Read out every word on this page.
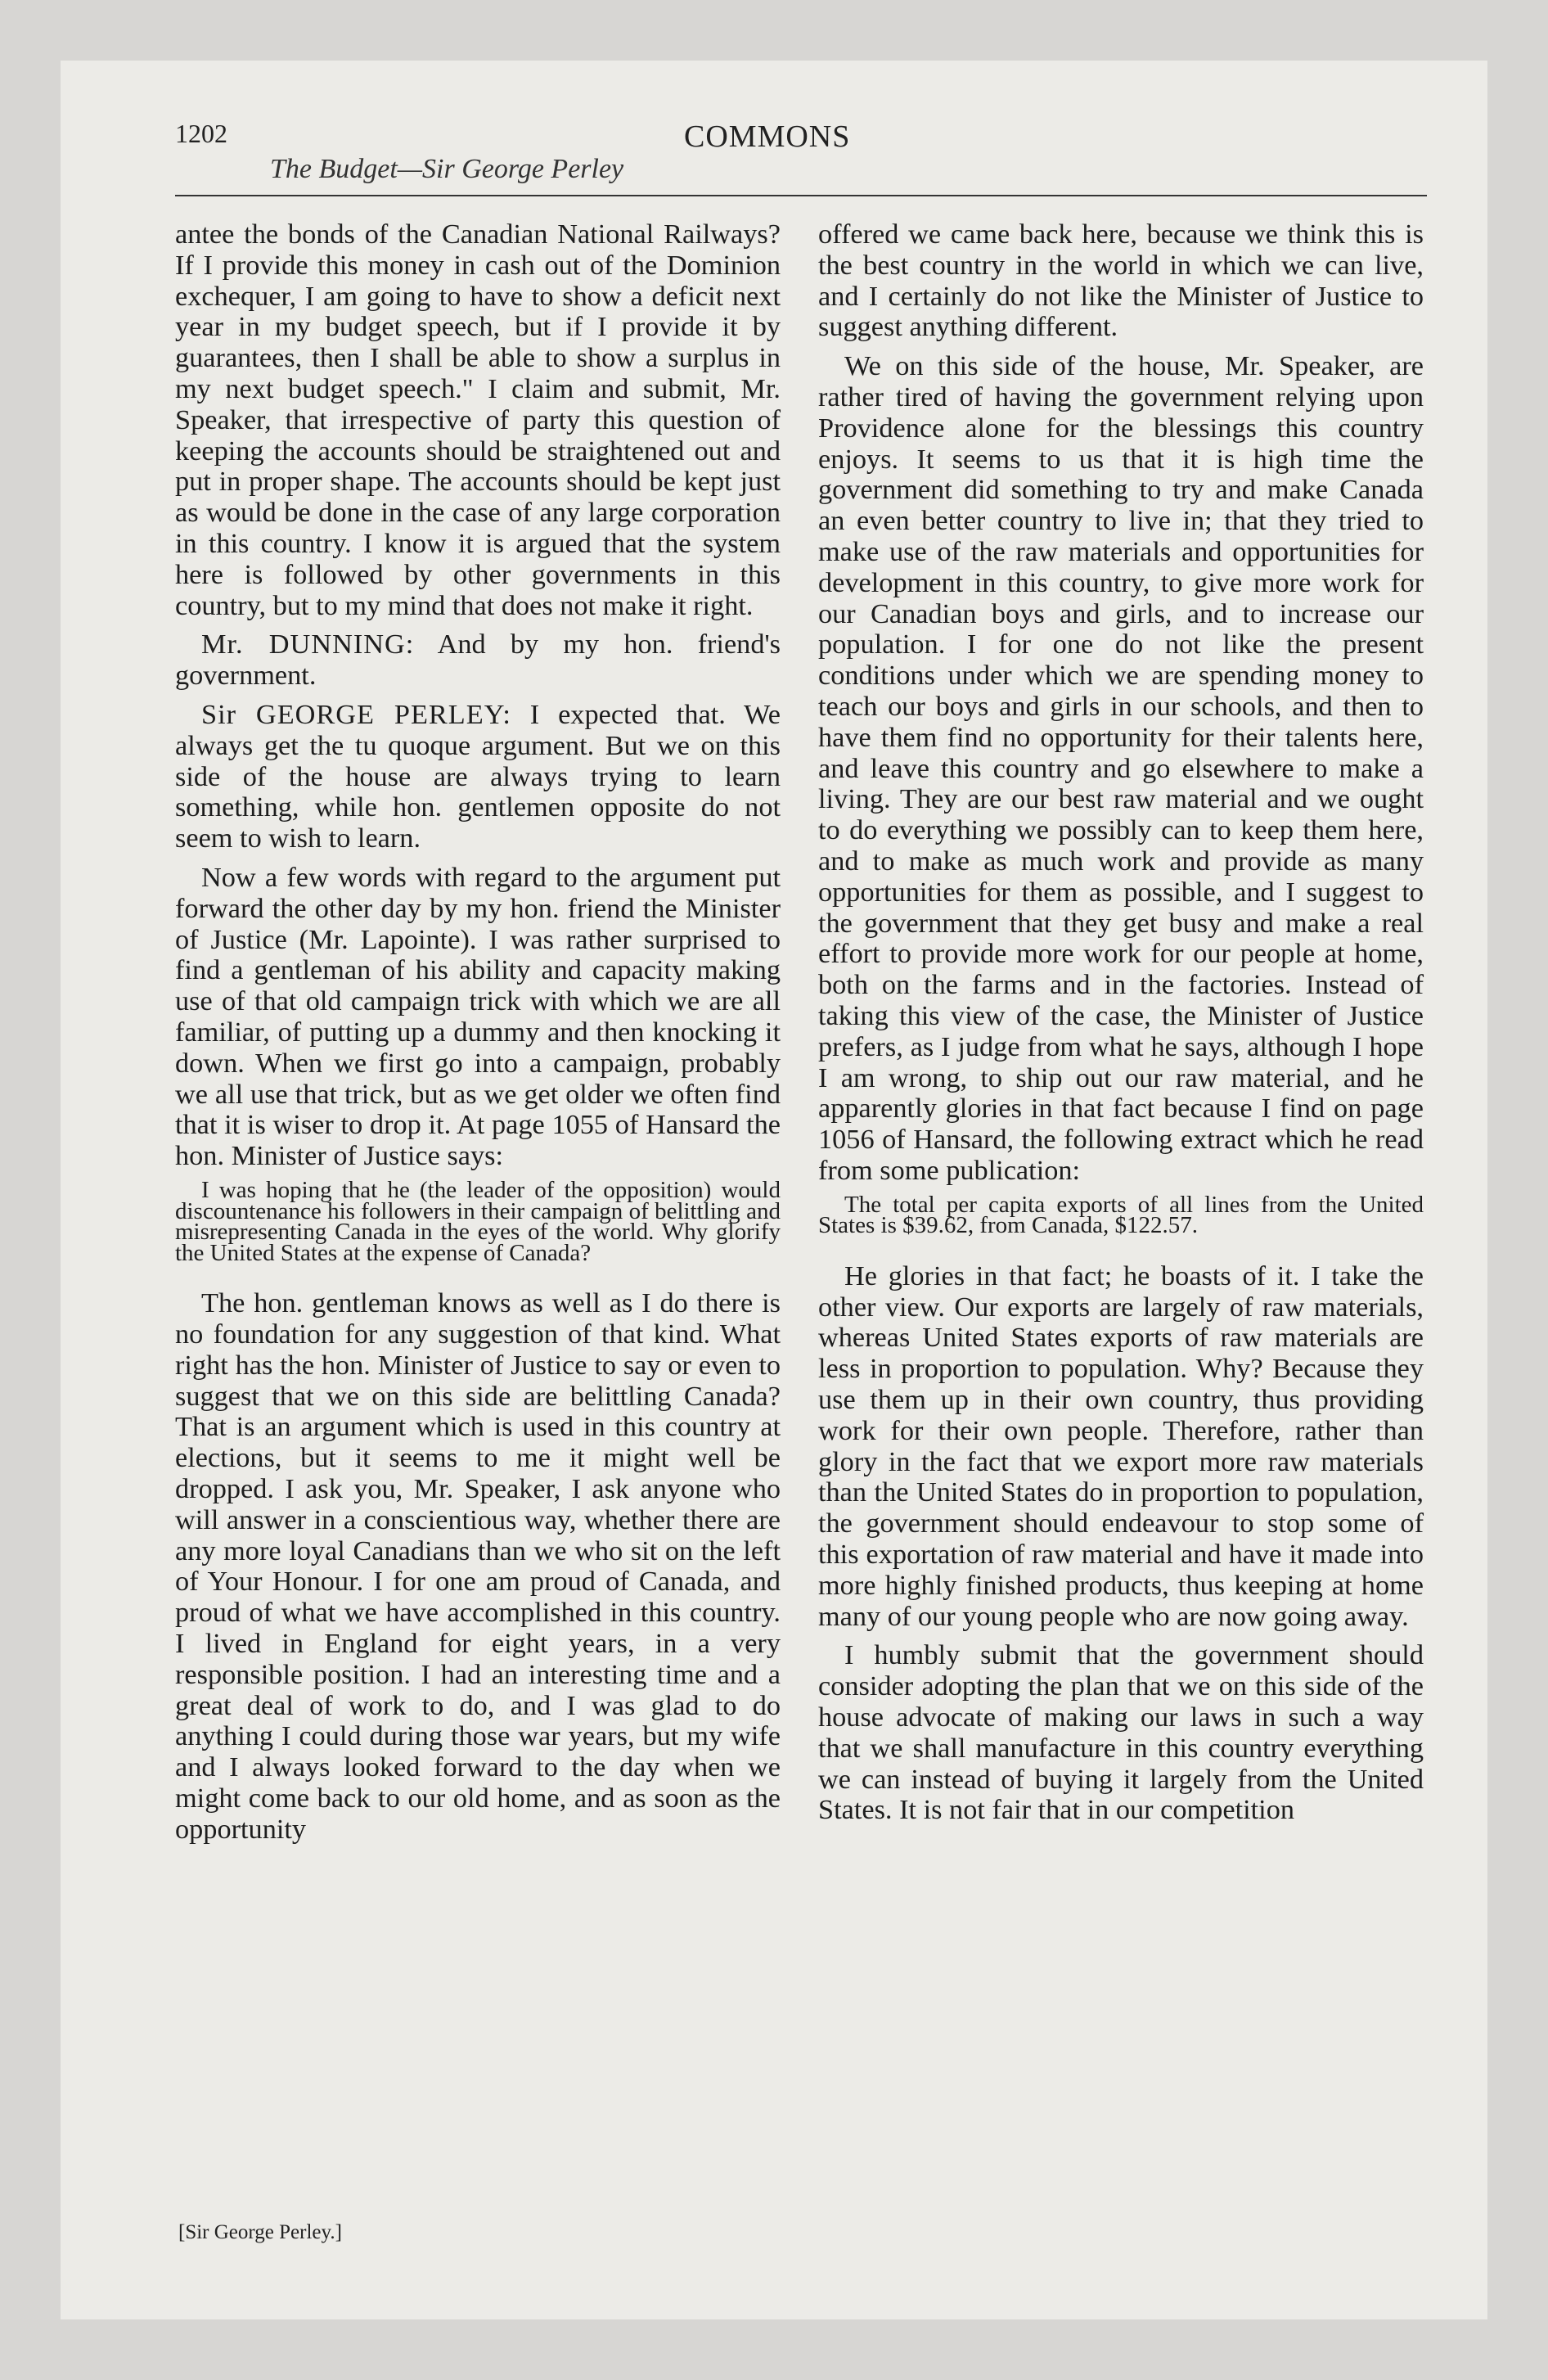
1202	COMMONS
The Budget—Sir George Perley

antee the bonds of the Canadian National Railways? If I provide this money in cash out of the Dominion exchequer, I am going to have to show a deficit next year in my budget speech, but if I provide it by guarantees, then I shall be able to show a surplus in my next budget speech." I claim and submit, Mr. Speaker, that irrespective of party this question of keeping the accounts should be straightened out and put in proper shape. The accounts should be kept just as would be done in the case of any large corporation in this country. I know it is argued that the system here is followed by other governments in this country, but to my mind that does not make it right.

Mr. DUNNING: And by my hon. friend's government.

Sir GEORGE PERLEY: I expected that. We always get the tu quoque argument. But we on this side of the house are always trying to learn something, while hon. gentlemen opposite do not seem to wish to learn.

Now a few words with regard to the argument put forward the other day by my hon. friend the Minister of Justice (Mr. Lapointe). I was rather surprised to find a gentleman of his ability and capacity making use of that old campaign trick with which we are all familiar, of putting up a dummy and then knocking it down. When we first go into a campaign, probably we all use that trick, but as we get older we often find that it is wiser to drop it. At page 1055 of Hansard the hon. Minister of Justice says:

I was hoping that he (the leader of the opposition) would discountenance his followers in their campaign of belittling and misrepresenting Canada in the eyes of the world. Why glorify the United States at the expense of Canada?

The hon. gentleman knows as well as I do there is no foundation for any suggestion of that kind. What right has the hon. Minister of Justice to say or even to suggest that we on this side are belittling Canada? That is an argument which is used in this country at elections, but it seems to me it might well be dropped. I ask you, Mr. Speaker, I ask anyone who will answer in a conscientious way, whether there are any more loyal Canadians than we who sit on the left of Your Honour. I for one am proud of Canada, and proud of what we have accomplished in this country. I lived in England for eight years, in a very responsible position. I had an interesting time and a great deal of work to do, and I was glad to do anything I could during those war years, but my wife and I always looked forward to the day when we might come back to our old home, and as soon as the opportunity

offered we came back here, because we think this is the best country in the world in which we can live, and I certainly do not like the Minister of Justice to suggest anything different.

We on this side of the house, Mr. Speaker, are rather tired of having the government relying upon Providence alone for the blessings this country enjoys. It seems to us that it is high time the government did something to try and make Canada an even better country to live in; that they tried to make use of the raw materials and opportunities for development in this country, to give more work for our Canadian boys and girls, and to increase our population. I for one do not like the present conditions under which we are spending money to teach our boys and girls in our schools, and then to have them find no opportunity for their talents here, and leave this country and go elsewhere to make a living. They are our best raw material and we ought to do everything we possibly can to keep them here, and to make as much work and provide as many opportunities for them as possible, and I suggest to the government that they get busy and make a real effort to provide more work for our people at home, both on the farms and in the factories. Instead of taking this view of the case, the Minister of Justice prefers, as I judge from what he says, although I hope I am wrong, to ship out our raw material, and he apparently glories in that fact because I find on page 1056 of Hansard, the following extract which he read from some publication:

The total per capita exports of all lines from the United States is $39.62, from Canada, $122.57.

He glories in that fact; he boasts of it. I take the other view. Our exports are largely of raw materials, whereas United States exports of raw materials are less in proportion to population. Why? Because they use them up in their own country, thus providing work for their own people. Therefore, rather than glory in the fact that we export more raw materials than the United States do in proportion to population, the government should endeavour to stop some of this exportation of raw material and have it made into more highly finished products, thus keeping at home many of our young people who are now going away.

I humbly submit that the government should consider adopting the plan that we on this side of the house advocate of making our laws in such a way that we shall manufacture in this country everything we can instead of buying it largely from the United States. It is not fair that in our competition

[Sir George Perley.]
